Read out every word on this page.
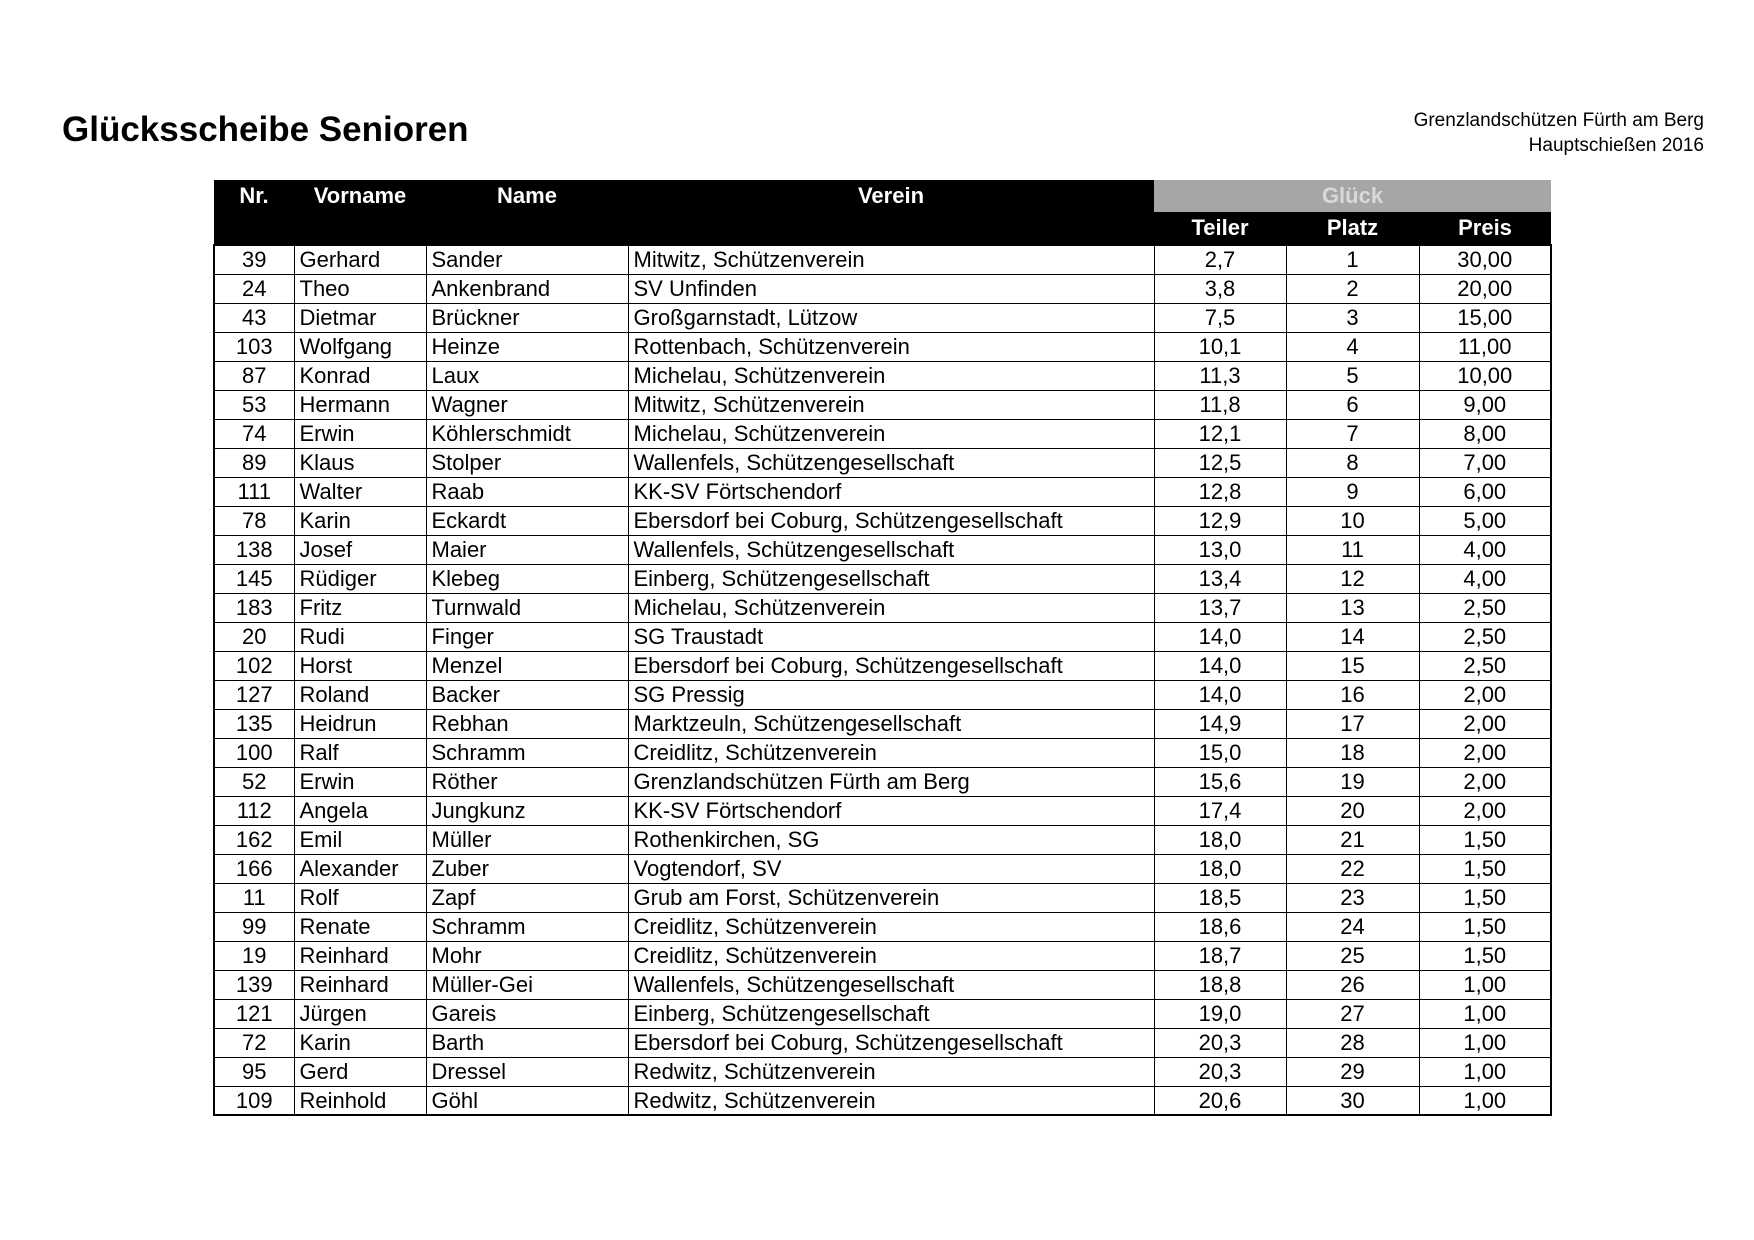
Glücksscheibe Senioren	Grenzlandschützen Fürth am Berg
Hauptschießen 2016
Nr.	Vorname	Name	Verein	Glück		
				Teiler	Platz	Preis
39	Gerhard	Sander	Mitwitz, Schützenverein	2,7	1	30,00
24	Theo	Ankenbrand	SV Unfinden	3,8	2	20,00
43	Dietmar	Brückner	Großgarnstadt, Lützow	7,5	3	15,00
103	Wolfgang	Heinze	Rottenbach, Schützenverein	10,1	4	11,00
87	Konrad	Laux	Michelau, Schützenverein	11,3	5	10,00
53	Hermann	Wagner	Mitwitz, Schützenverein	11,8	6	9,00
74	Erwin	Köhlerschmidt	Michelau, Schützenverein	12,1	7	8,00
89	Klaus	Stolper	Wallenfels, Schützengesellschaft	12,5	8	7,00
111	Walter	Raab	KK-SV Förtschendorf	12,8	9	6,00
78	Karin	Eckardt	Ebersdorf bei Coburg, Schützengesellschaft	12,9	10	5,00
138	Josef	Maier	Wallenfels, Schützengesellschaft	13,0	11	4,00
145	Rüdiger	Klebeg	Einberg, Schützengesellschaft	13,4	12	4,00
183	Fritz	Turnwald	Michelau, Schützenverein	13,7	13	2,50
20	Rudi	Finger	SG Traustadt	14,0	14	2,50
102	Horst	Menzel	Ebersdorf bei Coburg, Schützengesellschaft	14,0	15	2,50
127	Roland	Backer	SG Pressig	14,0	16	2,00
135	Heidrun	Rebhan	Marktzeuln, Schützengesellschaft	14,9	17	2,00
100	Ralf	Schramm	Creidlitz, Schützenverein	15,0	18	2,00
52	Erwin	Röther	Grenzlandschützen Fürth am Berg	15,6	19	2,00
112	Angela	Jungkunz	KK-SV Förtschendorf	17,4	20	2,00
162	Emil	Müller	Rothenkirchen, SG	18,0	21	1,50
166	Alexander	Zuber	Vogtendorf, SV	18,0	22	1,50
11	Rolf	Zapf	Grub am Forst, Schützenverein	18,5	23	1,50
99	Renate	Schramm	Creidlitz, Schützenverein	18,6	24	1,50
19	Reinhard	Mohr	Creidlitz, Schützenverein	18,7	25	1,50
139	Reinhard	Müller-Gei	Wallenfels, Schützengesellschaft	18,8	26	1,00
121	Jürgen	Gareis	Einberg, Schützengesellschaft	19,0	27	1,00
72	Karin	Barth	Ebersdorf bei Coburg, Schützengesellschaft	20,3	28	1,00
95	Gerd	Dressel	Redwitz, Schützenverein	20,3	29	1,00
109	Reinhold	Göhl	Redwitz, Schützenverein	20,6	30	1,00
